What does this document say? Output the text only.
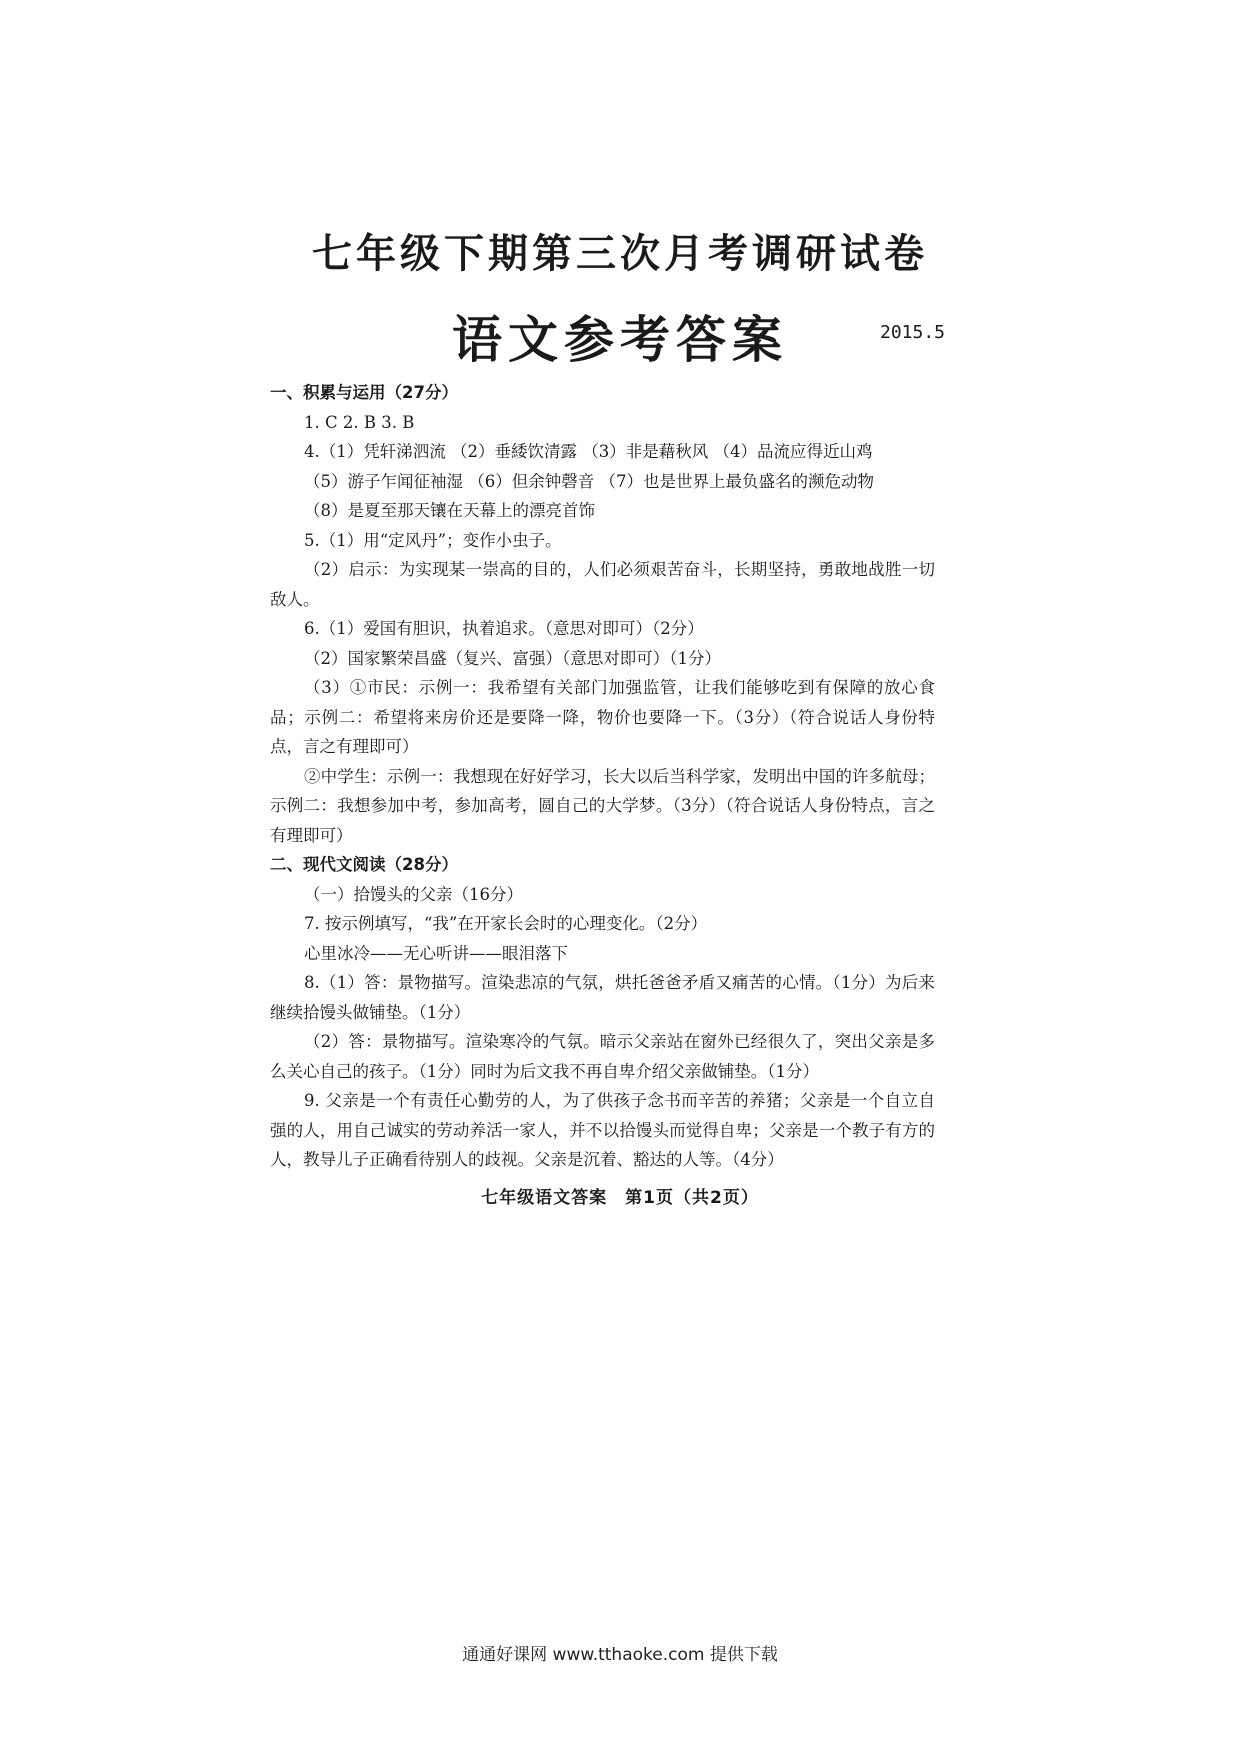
七年级下期第三次月考调研试卷
语文参考答案	2015.5
一、积累与运用（27分）
1. C 2. B 3. B
4.（1）凭轩涕泗流 （2）垂緌饮清露 （3）非是藉秋风 （4）品流应得近山鸡
（5）游子乍闻征袖湿 （6）但余钟磬音 （7）也是世界上最负盛名的濒危动物
（8）是夏至那天镶在天幕上的漂亮首饰
5.（1）用“定风丹”；变作小虫子。
（2）启示：为实现某一崇高的目的，人们必须艰苦奋斗，长期坚持，勇敢地战胜一切敌人。
6.（1）爱国有胆识，执着追求。（意思对即可）（2分）
（2）国家繁荣昌盛（复兴、富强）（意思对即可）（1分）
（3）①市民：示例一：我希望有关部门加强监管，让我们能够吃到有保障的放心食品；示例二：希望将来房价还是要降一降，物价也要降一下。（3分）（符合说话人身份特点，言之有理即可）
②中学生：示例一：我想现在好好学习，长大以后当科学家，发明出中国的许多航母；示例二：我想参加中考，参加高考，圆自己的大学梦。（3分）（符合说话人身份特点，言之有理即可）
二、现代文阅读（28分）
（一）拾馒头的父亲（16分）
7. 按示例填写，“我”在开家长会时的心理变化。（2分）
心里冰冷——无心听讲——眼泪落下
8.（1）答：景物描写。渲染悲凉的气氛，烘托爸爸矛盾又痛苦的心情。（1分）为后来继续拾馒头做铺垫。（1分）
（2）答：景物描写。渲染寒冷的气氛。暗示父亲站在窗外已经很久了，突出父亲是多么关心自己的孩子。（1分）同时为后文我不再自卑介绍父亲做铺垫。（1分）
9. 父亲是一个有责任心勤劳的人，为了供孩子念书而辛苦的养猪；父亲是一个自立自强的人，用自己诚实的劳动养活一家人，并不以拾馒头而觉得自卑；父亲是一个教子有方的人，教导儿子正确看待别人的歧视。父亲是沉着、豁达的人等。（4分）
七年级语文答案　第1页（共2页）
通通好课网 www.tthaoke.com 提供下载
